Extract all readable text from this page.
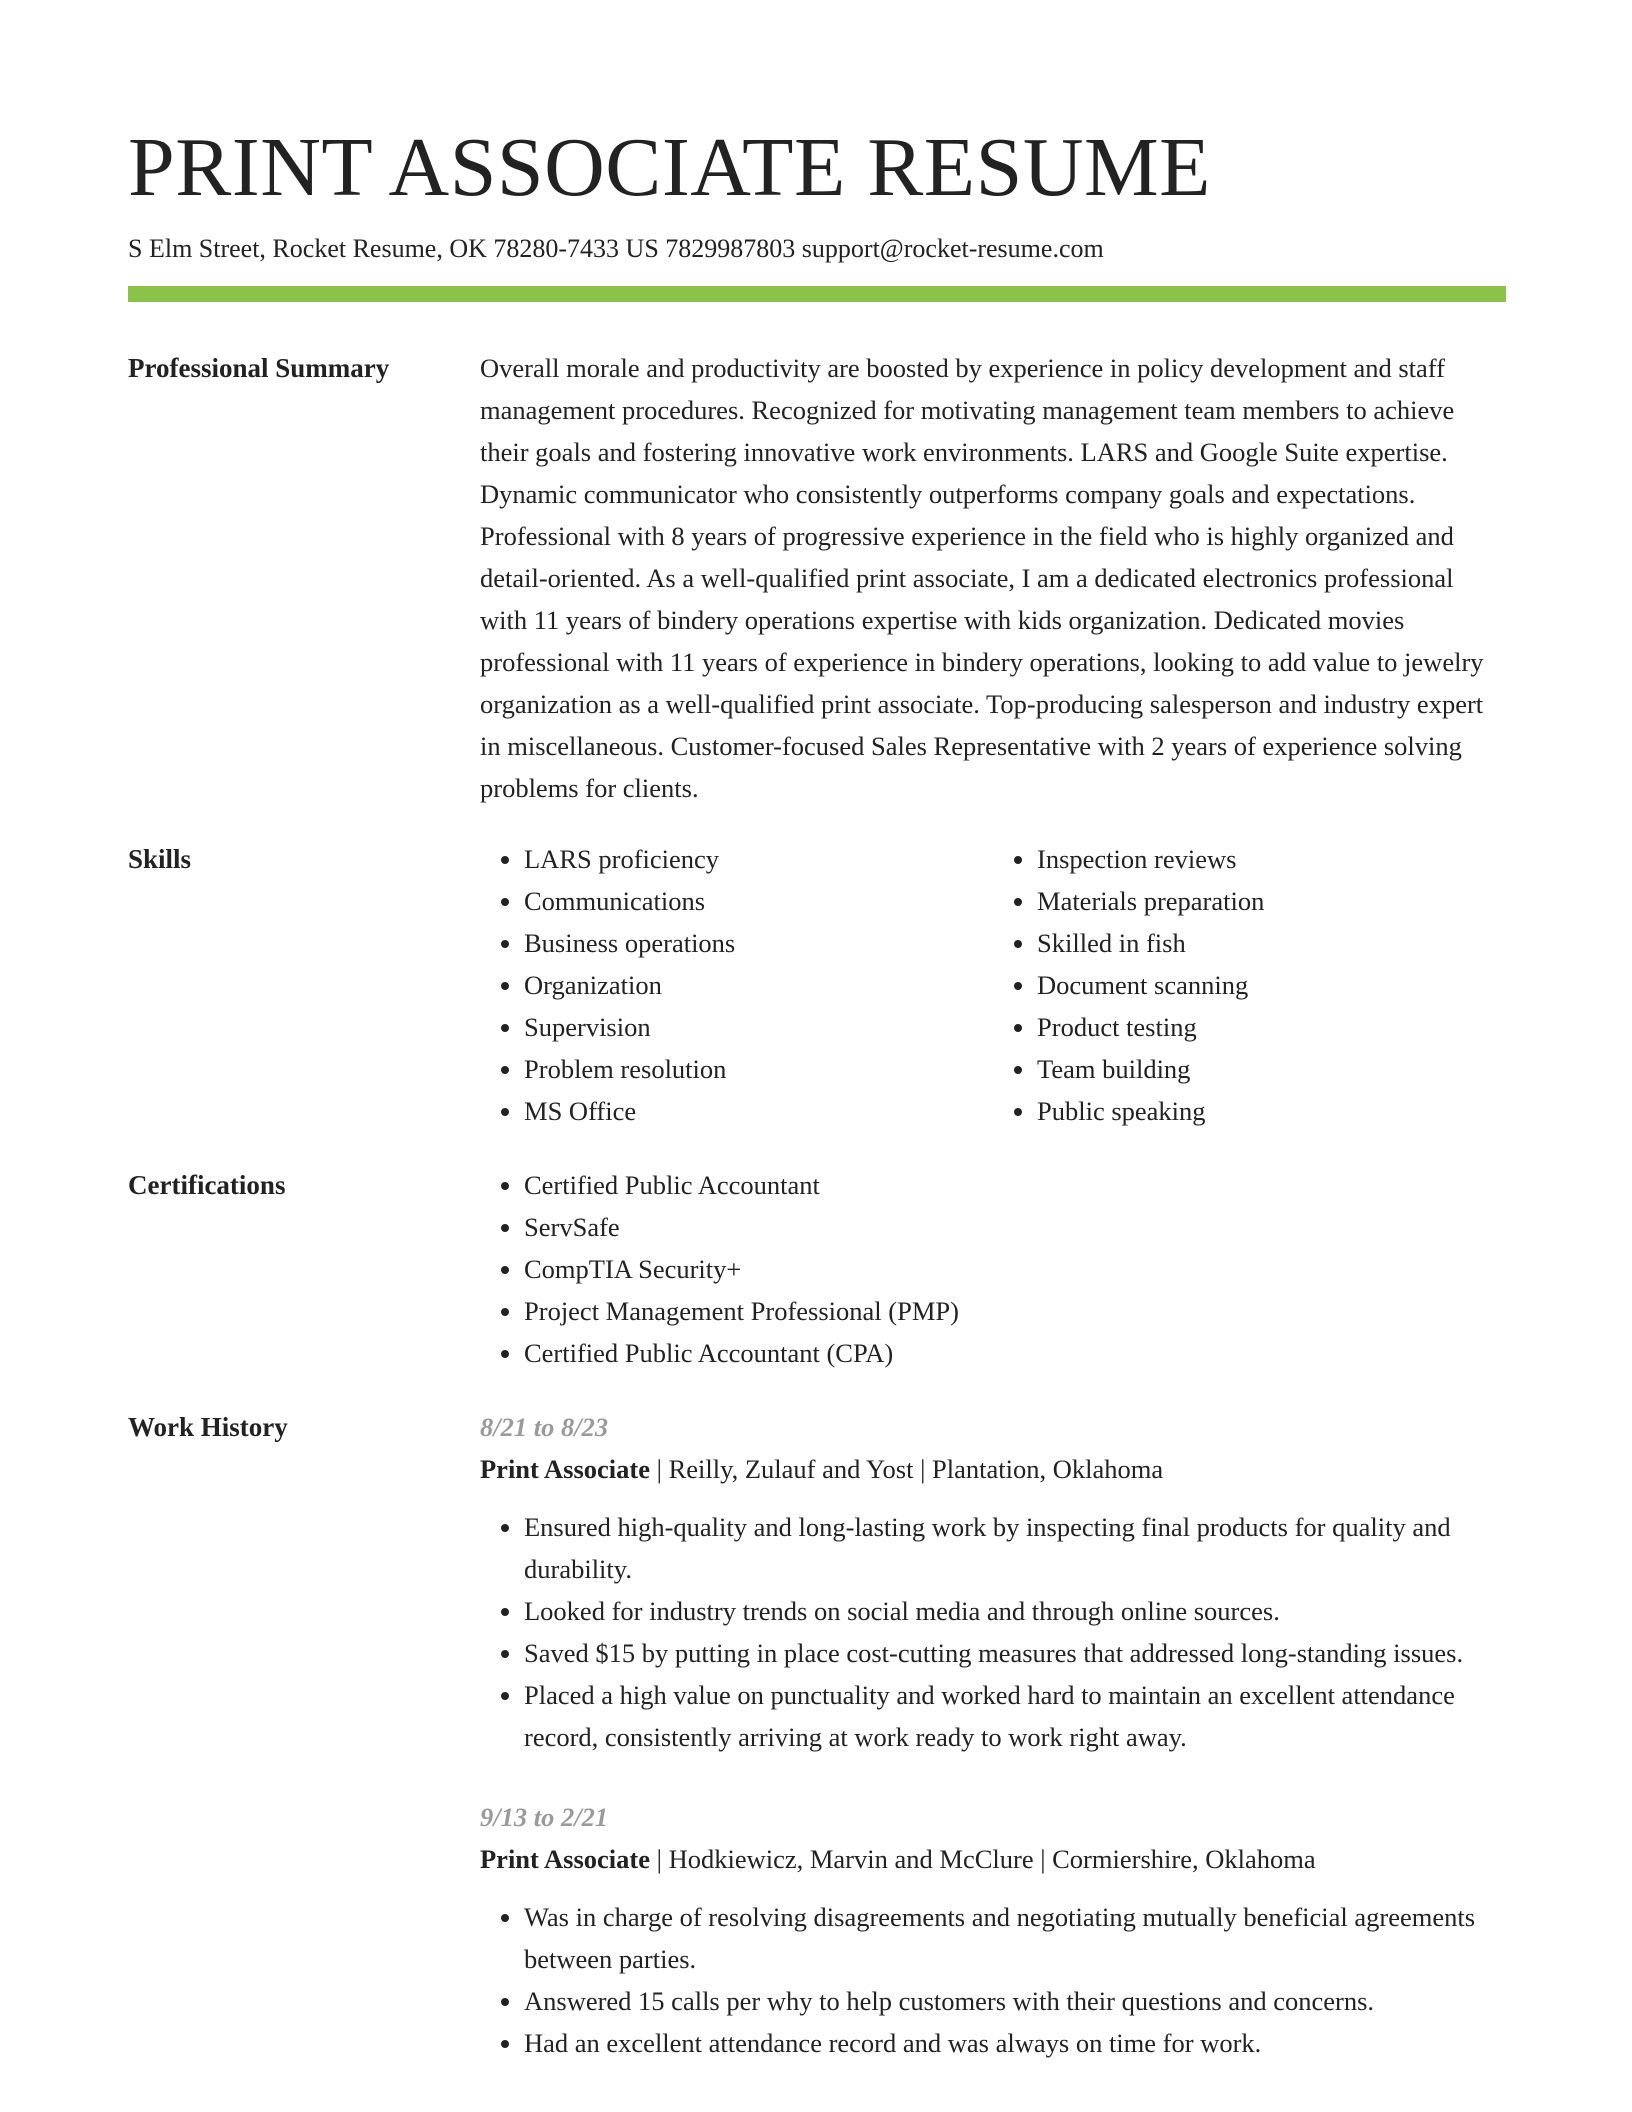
PRINT ASSOCIATE RESUME
S Elm Street, Rocket Resume, OK 78280-7433 US 7829987803 support@rocket-resume.com
Professional Summary	Overall morale and productivity are boosted by experience in policy development and staff management procedures. Recognized for motivating management team members to achieve their goals and fostering innovative work environments. LARS and Google Suite expertise. Dynamic communicator who consistently outperforms company goals and expectations. Professional with 8 years of progressive experience in the field who is highly organized and detail-oriented. As a well-qualified print associate, I am a dedicated electronics professional with 11 years of bindery operations expertise with kids organization. Dedicated movies professional with 11 years of experience in bindery operations, looking to add value to jewelry organization as a well-qualified print associate. Top-producing salesperson and industry expert in miscellaneous. Customer-focused Sales Representative with 2 years of experience solving problems for clients.

Skills	• LARS proficiency
• Communications
• Business operations
• Organization
• Supervision
• Problem resolution
• MS Office
• Inspection reviews
• Materials preparation
• Skilled in fish
• Document scanning
• Product testing
• Team building
• Public speaking
Certifications	• Certified Public Accountant
• ServSafe
• CompTIA Security+
• Project Management Professional (PMP)
• Certified Public Accountant (CPA)
Work History	8/21 to 8/23
Print Associate | Reilly, Zulauf and Yost | Plantation, Oklahoma
• Ensured high-quality and long-lasting work by inspecting final products for quality and durability.
• Looked for industry trends on social media and through online sources.
• Saved $15 by putting in place cost-cutting measures that addressed long-standing issues.
• Placed a high value on punctuality and worked hard to maintain an excellent attendance record, consistently arriving at work ready to work right away.
9/13 to 2/21
Print Associate | Hodkiewicz, Marvin and McClure | Cormiershire, Oklahoma
• Was in charge of resolving disagreements and negotiating mutually beneficial agreements between parties.
• Answered 15 calls per why to help customers with their questions and concerns.
• Had an excellent attendance record and was always on time for work.
